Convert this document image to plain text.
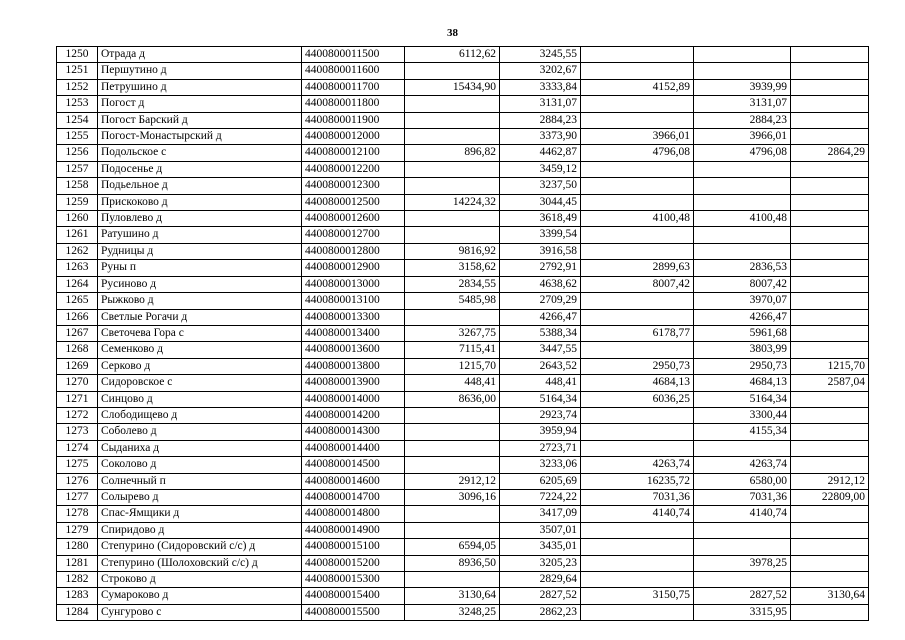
38
1250	Отрада д	4400800011500	6112,62	3245,55			
1251	Першутино д	4400800011600		3202,67			
1252	Петрушино д	4400800011700	15434,90	3333,84	4152,89	3939,99	
1253	Погост д	4400800011800		3131,07		3131,07	
1254	Погост Барский д	4400800011900		2884,23		2884,23	
1255	Погост-Монастырский д	4400800012000		3373,90	3966,01	3966,01	
1256	Подольское с	4400800012100	896,82	4462,87	4796,08	4796,08	2864,29
1257	Подосенье д	4400800012200		3459,12			
1258	Подьельное д	4400800012300		3237,50			
1259	Прискоково д	4400800012500	14224,32	3044,45			
1260	Пуловлево д	4400800012600		3618,49	4100,48	4100,48	
1261	Ратушино д	4400800012700		3399,54			
1262	Рудницы д	4400800012800	9816,92	3916,58			
1263	Руны п	4400800012900	3158,62	2792,91	2899,63	2836,53	
1264	Русиново д	4400800013000	2834,55	4638,62	8007,42	8007,42	
1265	Рыжково д	4400800013100	5485,98	2709,29		3970,07	
1266	Светлые Рогачи д	4400800013300		4266,47		4266,47	
1267	Светочева Гора с	4400800013400	3267,75	5388,34	6178,77	5961,68	
1268	Семенково д	4400800013600	7115,41	3447,55		3803,99	
1269	Серково д	4400800013800	1215,70	2643,52	2950,73	2950,73	1215,70
1270	Сидоровское с	4400800013900	448,41	448,41	4684,13	4684,13	2587,04
1271	Синцово д	4400800014000	8636,00	5164,34	6036,25	5164,34	
1272	Слободищево д	4400800014200		2923,74		3300,44	
1273	Соболево д	4400800014300		3959,94		4155,34	
1274	Сыданиха д	4400800014400		2723,71			
1275	Соколово д	4400800014500		3233,06	4263,74	4263,74	
1276	Солнечный п	4400800014600	2912,12	6205,69	16235,72	6580,00	2912,12
1277	Солырево д	4400800014700	3096,16	7224,22	7031,36	7031,36	22809,00
1278	Спас-Ямщики д	4400800014800		3417,09	4140,74	4140,74	
1279	Спиридово д	4400800014900		3507,01			
1280	Степурино (Сидоровский с/с) д	4400800015100	6594,05	3435,01			
1281	Степурино (Шолоховский с/с) д	4400800015200	8936,50	3205,23		3978,25	
1282	Строково д	4400800015300		2829,64			
1283	Сумароково д	4400800015400	3130,64	2827,52	3150,75	2827,52	3130,64
1284	Сунгурово с	4400800015500	3248,25	2862,23		3315,95	
